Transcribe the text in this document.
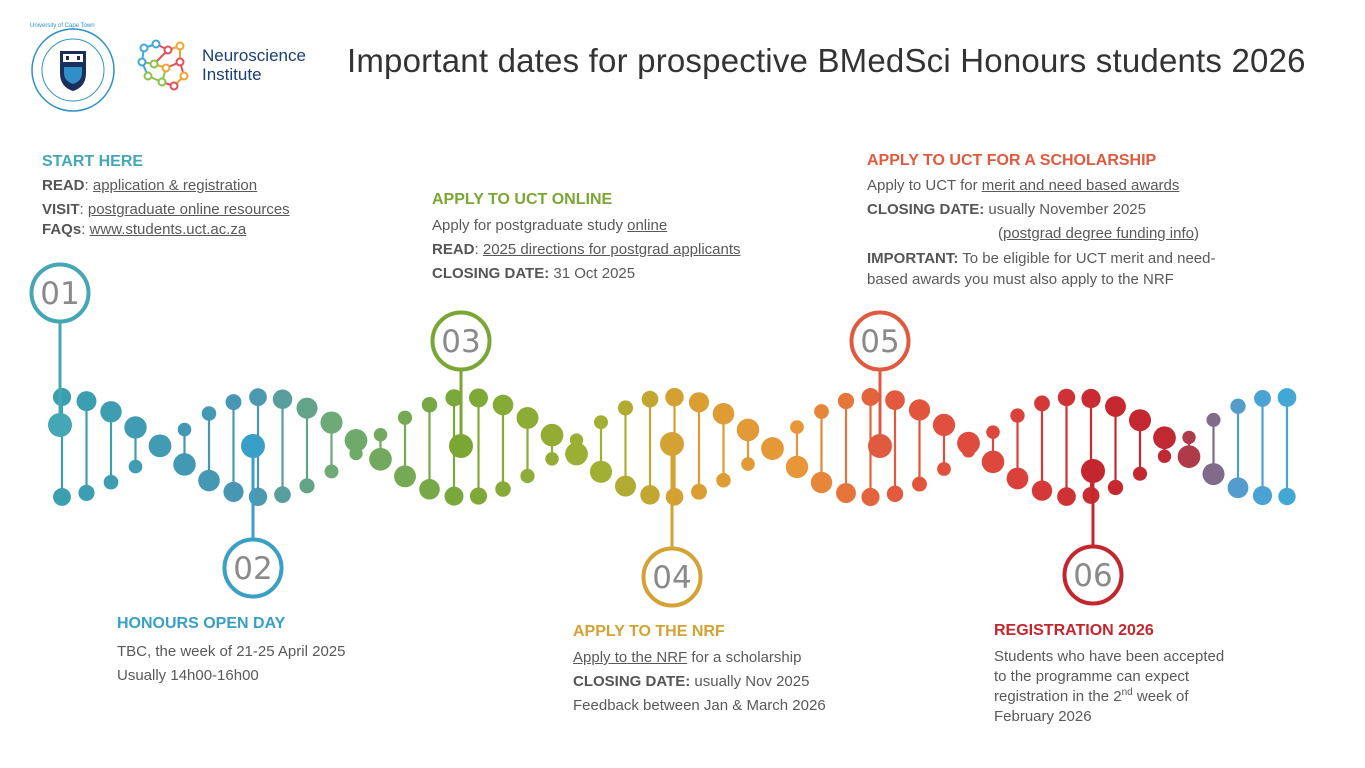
University of Cape Town
Neuroscience
Institute	Important dates for prospective BMedSci Honours students 2026
01
02
03
04
05
06
START HERE
READ: application & registration
VISIT: postgraduate online resources
FAQs: www.students.uct.ac.za
HONOURS OPEN DAY
TBC, the week of 21-25 April 2025
Usually 14h00-16h00
APPLY TO UCT ONLINE
Apply for postgraduate study online
READ: 2025 directions for postgrad applicants
CLOSING DATE: 31 Oct 2025
APPLY TO THE NRF
Apply to the NRF for a scholarship
CLOSING DATE: usually Nov 2025
Feedback between Jan & March 2026
APPLY TO UCT FOR A SCHOLARSHIP
Apply to UCT for merit and need based awards
CLOSING DATE: usually November 2025
(postgrad degree funding info)
IMPORTANT: To be eligible for UCT merit and need-
based awards you must also apply to the NRF
REGISTRATION 2026
Students who have been accepted
to the programme can expect
registration in the 2nd week of
February 2026
